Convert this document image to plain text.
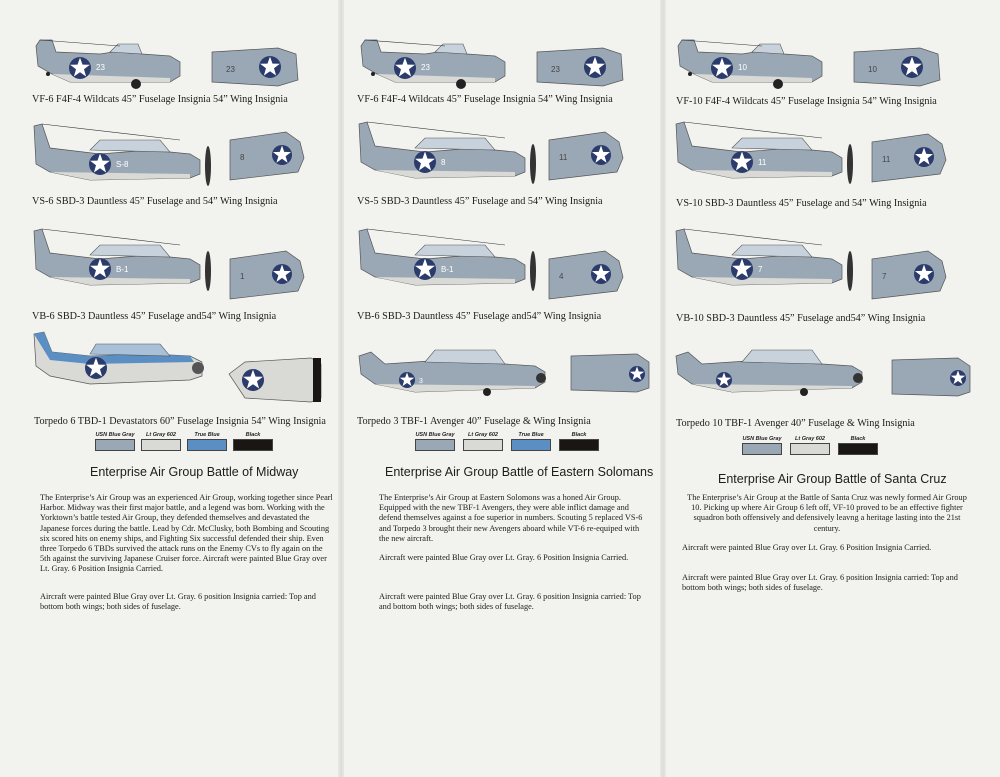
23	23
VF-6 F4F-4 Wildcats 45” Fuselage Insignia 54” Wing Insignia
S-8
8
VS-6 SBD-3 Dauntless 45” Fuselage and 54” Wing Insignia
B-1
1
VB-6 SBD-3 Dauntless 45” Fuselage and54” Wing Insignia
Torpedo 6 TBD-1 Devastators 60” Fuselage Insignia 54” Wing Insignia
USN Blue Gray	Lt Gray 602	True Blue	Black
Enterprise Air Group Battle of Midway
The Enterprise’s Air Group was an experienced Air Group, working together since Pearl Harbor. Midway was their first major battle, and a legend was born. Working with the Yorktown’s battle tested Air Group, they defended themselves and devastated the Japanese forces during the battle. Lead by Cdr. McClusky, both Bombing and Scouting six scored hits on enemy ships, and Fighting Six successful defended their ship. Even three Torpedo 6 TBDs survived the attack runs on the Enemy CVs to fly again on the 5th against the surviving Japanese Cruiser force. Aircraft were painted Blue Gray over Lt. Gray. 6 Position Insignia Carried.
Aircraft were painted Blue Gray over Lt. Gray. 6 position Insignia carried: Top and bottom both wings; both sides of fuselage.
23	23
VF-6 F4F-4 Wildcats 45” Fuselage Insignia 54” Wing Insignia
8
11
VS-5 SBD-3 Dauntless 45” Fuselage and 54” Wing Insignia
B-1
4
VB-6 SBD-3 Dauntless 45” Fuselage and54” Wing Insignia
3
Torpedo 3 TBF-1 Avenger 40” Fuselage & Wing Insignia
USN Blue Gray	Lt Gray 602	True Blue	Black
Enterprise Air Group Battle of Eastern Solomans
The Enterprise’s Air Group at Eastern Solomons was a honed Air Group. Equipped with the new TBF-1 Avengers, they were able inflict damage and defend themselves against a foe superior in numbers. Scouting 5 replaced VS-6 and Torpedo 3 brought their new Avengers aboard while VT-6 re-equiped with the new aircraft.
Aircraft were painted Blue Gray over Lt. Gray. 6 Position Insignia Carried.
Aircraft were painted Blue Gray over Lt. Gray. 6 position Insignia carried: Top and bottom both wings; both sides of fuselage.
10	10
VF-10 F4F-4 Wildcats 45” Fuselage Insignia 54” Wing Insignia
11	11
VS-10 SBD-3 Dauntless 45” Fuselage and 54” Wing Insignia
7
7
VB-10 SBD-3 Dauntless 45” Fuselage and54” Wing Insignia
Torpedo 10 TBF-1 Avenger 40” Fuselage & Wing Insignia
USN Blue Gray	Lt Gray 602	Black
Enterprise Air Group Battle of Santa Cruz
The Enterprise’s Air Group at the Battle of Santa Cruz was newly formed Air Group 10. Picking up where Air Group 6 left off, VF-10 proved to be an effective fighter squadron both offensively and defensively leavng a heritage lasting into the 21st century.
Aircraft were painted Blue Gray over Lt. Gray. 6 Position Insignia Carried.
Aircraft were painted Blue Gray over Lt. Gray. 6 position Insignia carried: Top and bottom both wings; both sides of fuselage.
